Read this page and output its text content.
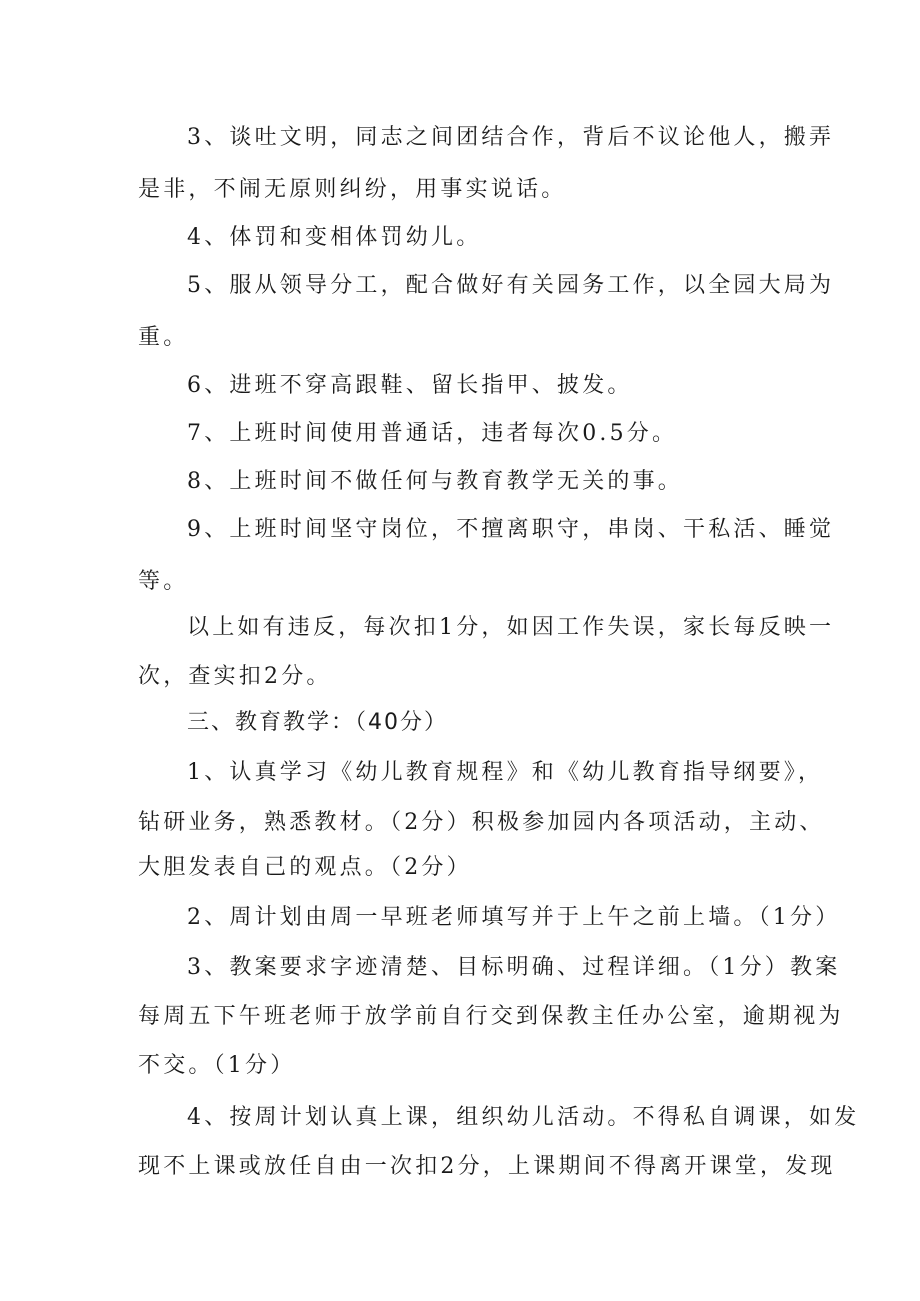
3、谈吐文明，同志之间团结合作，背后不议论他人，搬弄
是非，不闹无原则纠纷，用事实说话。
4、体罚和变相体罚幼儿。
5、服从领导分工，配合做好有关园务工作，以全园大局为
重。
6、进班不穿高跟鞋、留长指甲、披发。
7、上班时间使用普通话，违者每次0.5分。
8、上班时间不做任何与教育教学无关的事。
9、上班时间坚守岗位，不擅离职守，串岗、干私活、睡觉
等。
以上如有违反，每次扣1分，如因工作失误，家长每反映一
次，查实扣2分。
三、教育教学：（40分）
1、认真学习《幼儿教育规程》和《幼儿教育指导纲要》，
钻研业务，熟悉教材。（2分）积极参加园内各项活动，主动、
大胆发表自己的观点。（2分）
2、周计划由周一早班老师填写并于上午之前上墙。（1分）
3、教案要求字迹清楚、目标明确、过程详细。（1分）教案
每周五下午班老师于放学前自行交到保教主任办公室，逾期视为
不交。（1分）
4、按周计划认真上课，组织幼儿活动。不得私自调课，如发
现不上课或放任自由一次扣2分，上课期间不得离开课堂，发现
